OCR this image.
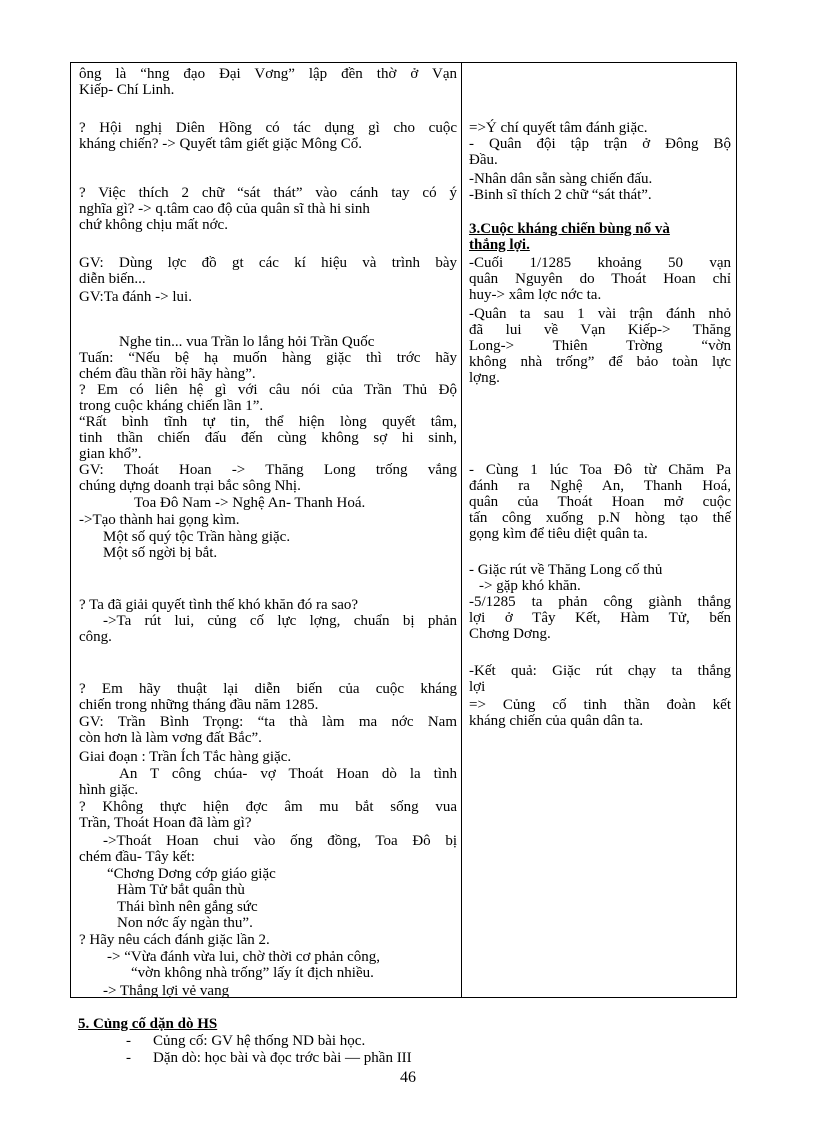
ông là “hng đạo Đại Vơng” lập đền thờ ở Vạn
Kiếp- Chí Linh.
? Hội nghị Diên Hồng có tác dụng gì cho cuộc
kháng chiến? -> Quyết tâm giết giặc Mông Cổ.
? Việc thích 2 chữ “sát thát” vào cánh tay có ý
nghĩa gì? -> q.tâm cao độ của quân sĩ thà hi sinh
chứ không chịu mất nớc.
GV: Dùng lợc đồ gt các kí hiệu và trình bày
diễn biến...
GV:Ta đánh -> lui.
Nghe tin... vua Trần lo lắng hỏi Trần Quốc
Tuấn: “Nếu bệ hạ muốn hàng giặc thì trớc hãy
chém đầu thần rồi hãy hàng”.
? Em có liên hệ gì với câu nói của Trần Thủ Độ
trong cuộc kháng chiến lần 1”.
“Rất bình tĩnh tự tin, thể hiện lòng quyết tâm,
tinh thần chiến đấu đến cùng không sợ hi sinh,
gian khổ”.
GV: Thoát Hoan -> Thăng Long trống vắng
chúng dựng doanh trại bắc sông Nhị.
Toa Đô Nam -> Nghệ An- Thanh Hoá.
->Tạo thành hai gọng kìm.
Một số quý tộc Trần hàng giặc.
Một số ngời bị bắt.
? Ta đã giải quyết tình thế khó khăn đó ra sao?
->Ta rút lui, củng cố lực lợng, chuẩn bị phản
công.
? Em hãy thuật lại diễn biến của cuộc kháng
chiến trong những tháng đầu năm 1285.
GV: Trần Bình Trọng: “ta thà làm ma nớc Nam
còn hơn là làm vơng đất Bắc”.
Giai đoạn : Trần Ích Tắc hàng giặc.
An T công chúa- vợ Thoát Hoan dò la tình
hình giặc.
? Không thực hiện đợc âm mu bắt sống vua
Trần, Thoát Hoan đã làm gì?
->Thoát Hoan chui vào ống đồng, Toa Đô bị
chém đầu- Tây kết:
“Chơng Dơng cớp giáo giặc
Hàm Tử bắt quân thù
Thái bình nên gắng sức
Non nớc ấy ngàn thu”.
? Hãy nêu cách đánh giặc lần 2.
-> “Vừa đánh vừa lui, chờ thời cơ phản công,
“vờn không nhà trống” lấy ít địch nhiều.
-> Thắng lợi vẻ vang
=>Ý chí quyết tâm đánh giặc.
- Quân đội tập trận ở Đông Bộ
Đầu.
-Nhân dân sẵn sàng chiến đấu.
-Binh sĩ thích 2 chữ “sát thát”.
3.Cuộc kháng chiến bùng nổ và
thắng lợi.
-Cuối 1/1285 khoảng 50 vạn
quân Nguyên do Thoát Hoan chỉ
huy-> xâm lợc nớc ta.
-Quân ta sau 1 vài trận đánh nhỏ
đã lui về Vạn Kiếp-> Thăng
Long-> Thiên Trờng “vờn
không nhà trống” để bảo toàn lực
lợng.
- Cùng 1 lúc Toa Đô từ Chăm Pa
đánh ra Nghệ An, Thanh Hoá,
quân của Thoát Hoan mở cuộc
tấn công xuống p.N hòng tạo thế
gọng kìm để tiêu diệt quân ta.
- Giặc rút về Thăng Long cố thủ
-> gặp khó khăn.
-5/1285 ta phản công giành thắng
lợi ở Tây Kết, Hàm Tử, bến
Chơng Dơng.
-Kết quả: Giặc rút chạy ta thắng
lợi
=> Củng cố tinh thần đoàn kết
kháng chiến của quân dân ta.
5. Củng cố dặn dò HS
- Củng cố: GV hệ thống ND bài học.
- Dặn dò: học bài và đọc trớc bài — phần III
46
